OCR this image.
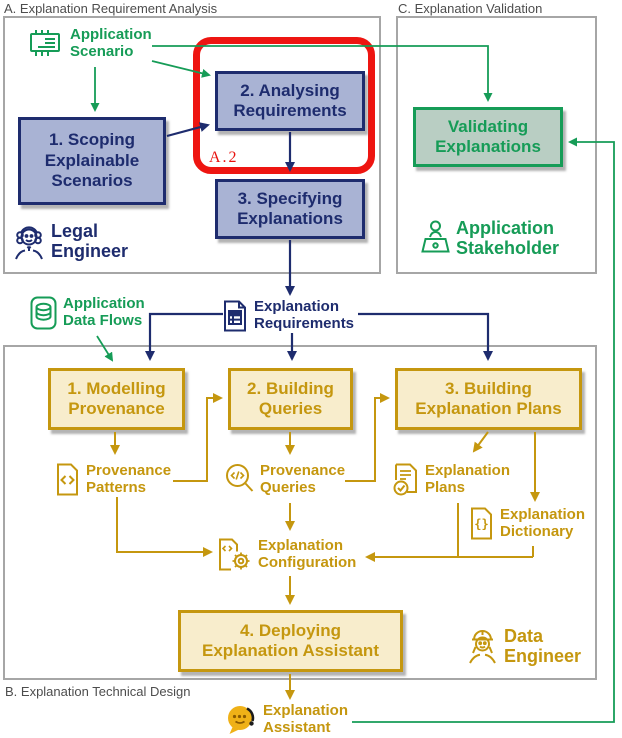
A. Explanation Requirement Analysis	C. Explanation Validation
B. Explanation Technical Design
A.2
1. Scoping
Explainable
Scenarios
2. Analysing
Requirements
3. Specifying
Explanations
Validating
Explanations
1. Modelling
Provenance
2. Building
Queries
3. Building
Explanation Plans
4. Deploying
Explanation Assistant
Application
Scenario
Application
Data Flows
Explanation
Requirements
Provenance
Patterns
Provenance
Queries
Explanation
Plans
{}
Explanation
Dictionary
Explanation
Configuration
Explanation
Assistant
Legal
Engineer
Application
Stakeholder
Data
Engineer
